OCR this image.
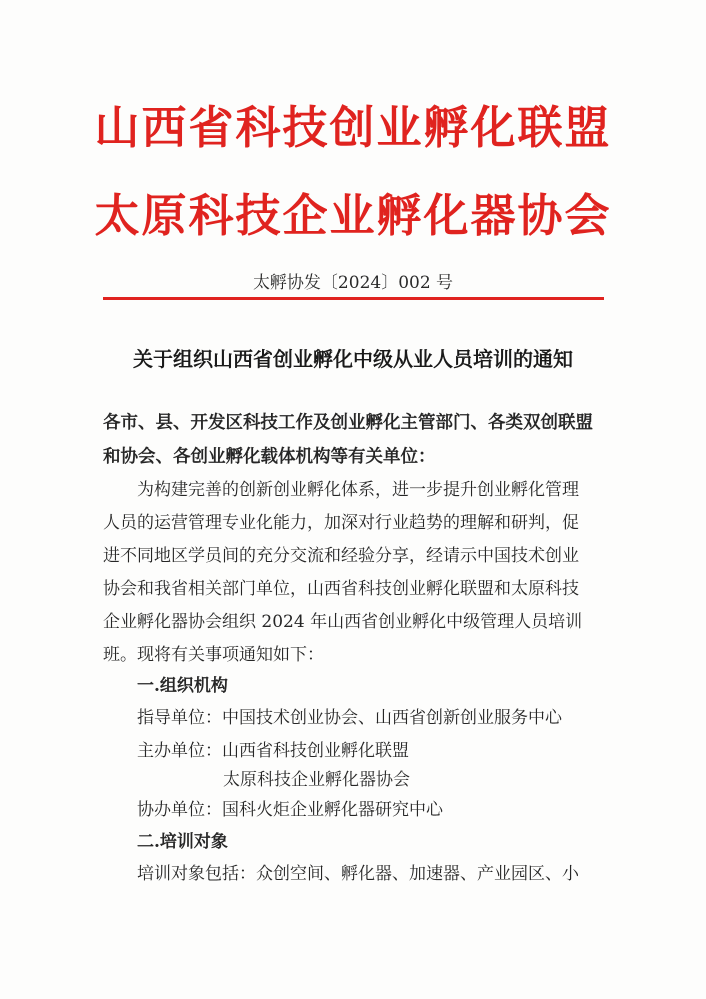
山西省科技创业孵化联盟
太原科技企业孵化器协会
太孵协发〔2024〕002 号
关于组织山西省创业孵化中级从业人员培训的通知
各市、县、开发区科技工作及创业孵化主管部门、各类双创联盟
和协会、各创业孵化载体机构等有关单位：
为构建完善的创新创业孵化体系，进一步提升创业孵化管理
人员的运营管理专业化能力，加深对行业趋势的理解和研判，促
进不同地区学员间的充分交流和经验分享，经请示中国技术创业
协会和我省相关部门单位，山西省科技创业孵化联盟和太原科技
企业孵化器协会组织 2024 年山西省创业孵化中级管理人员培训
班。现将有关事项通知如下：
一.组织机构
指导单位：中国技术创业协会、山西省创新创业服务中心
主办单位：山西省科技创业孵化联盟
太原科技企业孵化器协会
协办单位：国科火炬企业孵化器研究中心
二.培训对象
培训对象包括：众创空间、孵化器、加速器、产业园区、小
